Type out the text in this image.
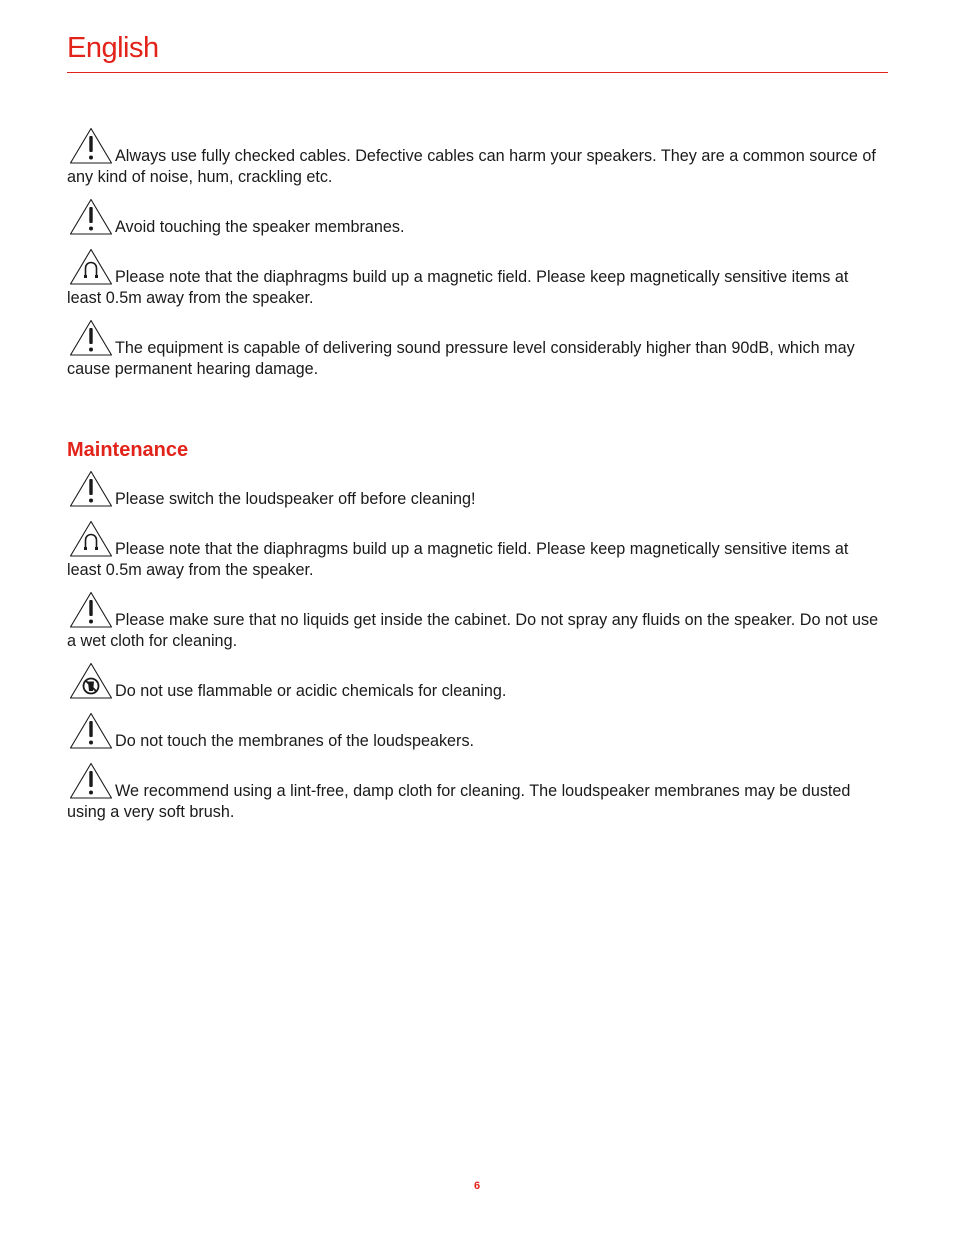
English

Always use fully checked cables. Defective cables can harm your speakers. They are a common source of any kind of noise, hum, crackling etc.

Avoid touching the speaker membranes.

Please note that the diaphragms build up a magnetic field. Please keep magnetically sensitive items at least 0.5m away from the speaker.

The equipment is capable of delivering sound pressure level considerably higher than 90dB, which may cause permanent hearing damage.

Maintenance

Please switch the loudspeaker off before cleaning!

Please note that the diaphragms build up a magnetic field. Please keep magnetically sensitive items at least 0.5m away from the speaker.

Please make sure that no liquids get inside the cabinet. Do not spray any fluids on the speaker. Do not use a wet cloth for cleaning.

Do not use flammable or acidic chemicals for cleaning.

Do not touch the membranes of the loudspeakers.

We recommend using a lint-free, damp cloth for cleaning. The loudspeaker membranes may be dusted using a very soft brush.

6
